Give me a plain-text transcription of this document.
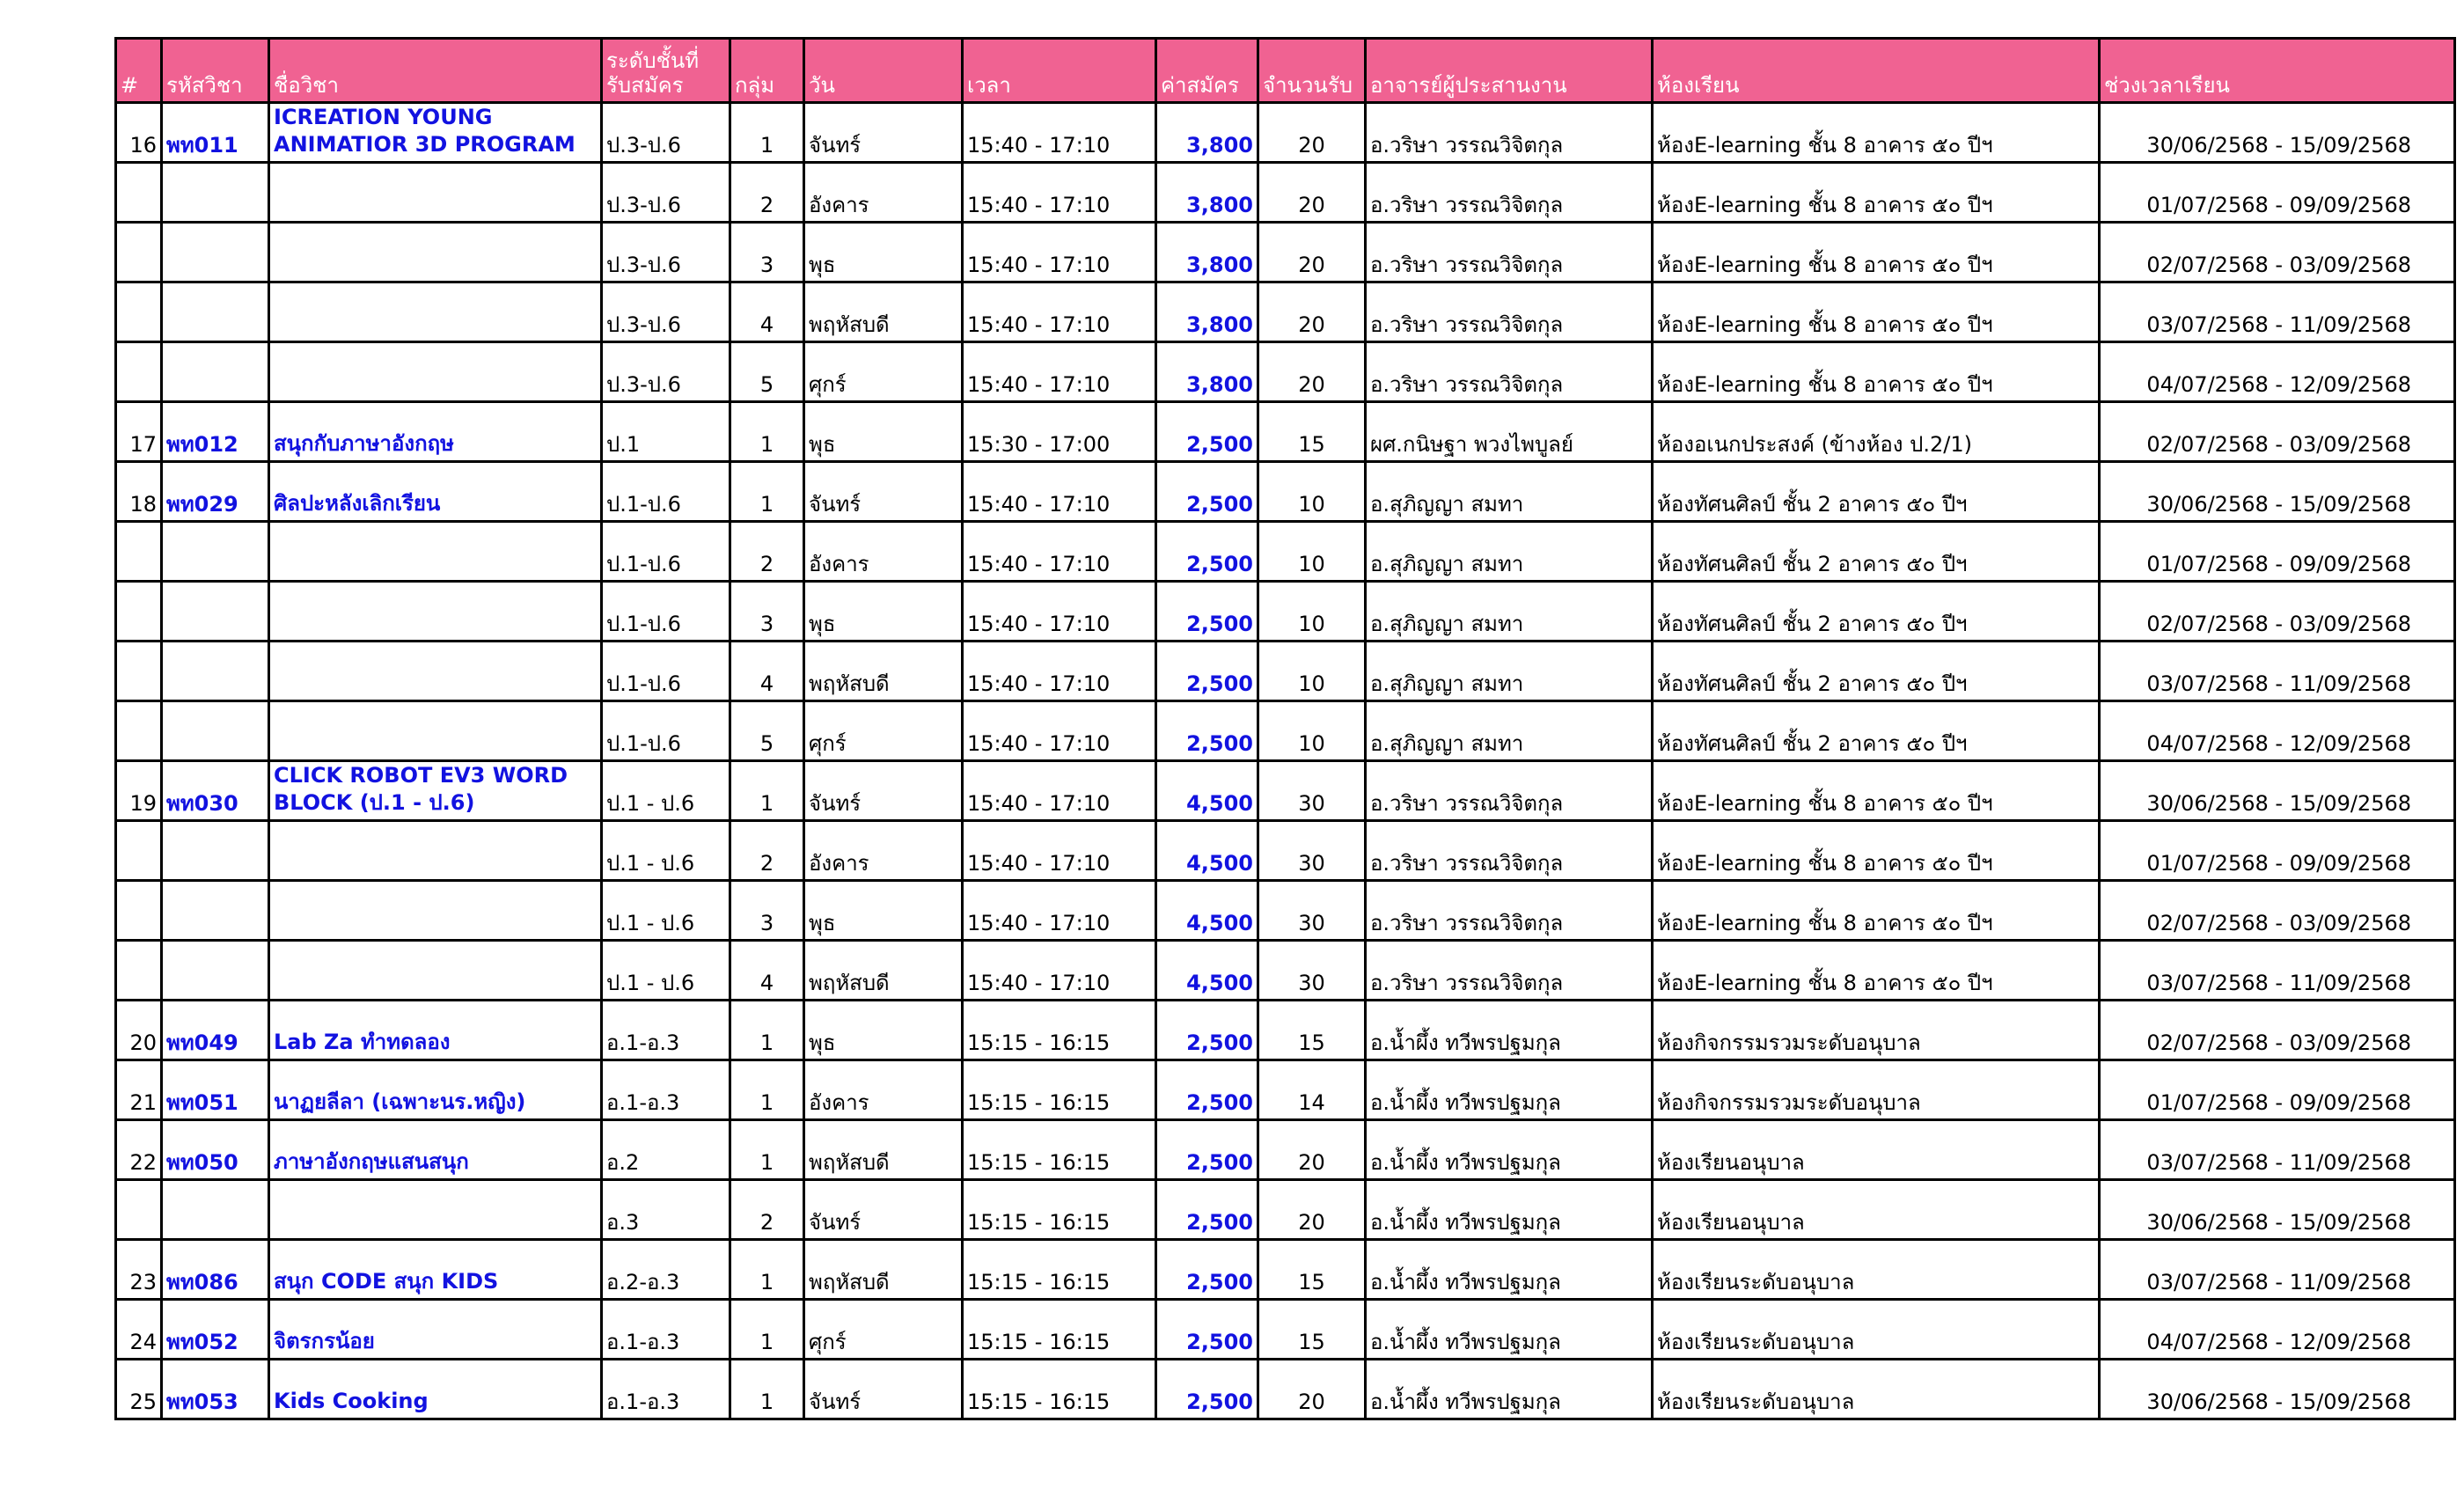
#	รหัสวิชา	ชื่อวิชา	ระดับชั้นที่ รับสมัคร	กลุ่ม	วัน	เวลา	ค่าสมัคร	จำนวนรับ	อาจารย์ผู้ประสานงาน	ห้องเรียน	ช่วงเวลาเรียน
16	พท011	ICREATION YOUNG ANIMATIOR 3D PROGRAM	ป.3-ป.6	1	จันทร์	15:40 - 17:10	3,800	20	อ.วริษา วรรณวิจิตกุล	ห้องE-learning ชั้น 8 อาคาร ๕๐ ปีฯ	30/06/2568 - 15/09/2568
			ป.3-ป.6	2	อังคาร	15:40 - 17:10	3,800	20	อ.วริษา วรรณวิจิตกุล	ห้องE-learning ชั้น 8 อาคาร ๕๐ ปีฯ	01/07/2568 - 09/09/2568
			ป.3-ป.6	3	พุธ	15:40 - 17:10	3,800	20	อ.วริษา วรรณวิจิตกุล	ห้องE-learning ชั้น 8 อาคาร ๕๐ ปีฯ	02/07/2568 - 03/09/2568
			ป.3-ป.6	4	พฤหัสบดี	15:40 - 17:10	3,800	20	อ.วริษา วรรณวิจิตกุล	ห้องE-learning ชั้น 8 อาคาร ๕๐ ปีฯ	03/07/2568 - 11/09/2568
			ป.3-ป.6	5	ศุกร์	15:40 - 17:10	3,800	20	อ.วริษา วรรณวิจิตกุล	ห้องE-learning ชั้น 8 อาคาร ๕๐ ปีฯ	04/07/2568 - 12/09/2568
17	พท012	สนุกกับภาษาอังกฤษ	ป.1	1	พุธ	15:30 - 17:00	2,500	15	ผศ.กนิษฐา พวงไพบูลย์	ห้องอเนกประสงค์ (ข้างห้อง ป.2/1)	02/07/2568 - 03/09/2568
18	พท029	ศิลปะหลังเลิกเรียน	ป.1-ป.6	1	จันทร์	15:40 - 17:10	2,500	10	อ.สุภิญญา สมทา	ห้องทัศนศิลป์ ชั้น 2 อาคาร ๕๐ ปีฯ	30/06/2568 - 15/09/2568
			ป.1-ป.6	2	อังคาร	15:40 - 17:10	2,500	10	อ.สุภิญญา สมทา	ห้องทัศนศิลป์ ชั้น 2 อาคาร ๕๐ ปีฯ	01/07/2568 - 09/09/2568
			ป.1-ป.6	3	พุธ	15:40 - 17:10	2,500	10	อ.สุภิญญา สมทา	ห้องทัศนศิลป์ ชั้น 2 อาคาร ๕๐ ปีฯ	02/07/2568 - 03/09/2568
			ป.1-ป.6	4	พฤหัสบดี	15:40 - 17:10	2,500	10	อ.สุภิญญา สมทา	ห้องทัศนศิลป์ ชั้น 2 อาคาร ๕๐ ปีฯ	03/07/2568 - 11/09/2568
			ป.1-ป.6	5	ศุกร์	15:40 - 17:10	2,500	10	อ.สุภิญญา สมทา	ห้องทัศนศิลป์ ชั้น 2 อาคาร ๕๐ ปีฯ	04/07/2568 - 12/09/2568
19	พท030	CLICK ROBOT EV3 WORD BLOCK (ป.1 - ป.6)	ป.1 - ป.6	1	จันทร์	15:40 - 17:10	4,500	30	อ.วริษา วรรณวิจิตกุล	ห้องE-learning ชั้น 8 อาคาร ๕๐ ปีฯ	30/06/2568 - 15/09/2568
			ป.1 - ป.6	2	อังคาร	15:40 - 17:10	4,500	30	อ.วริษา วรรณวิจิตกุล	ห้องE-learning ชั้น 8 อาคาร ๕๐ ปีฯ	01/07/2568 - 09/09/2568
			ป.1 - ป.6	3	พุธ	15:40 - 17:10	4,500	30	อ.วริษา วรรณวิจิตกุล	ห้องE-learning ชั้น 8 อาคาร ๕๐ ปีฯ	02/07/2568 - 03/09/2568
			ป.1 - ป.6	4	พฤหัสบดี	15:40 - 17:10	4,500	30	อ.วริษา วรรณวิจิตกุล	ห้องE-learning ชั้น 8 อาคาร ๕๐ ปีฯ	03/07/2568 - 11/09/2568
20	พท049	Lab Za ทำทดลอง	อ.1-อ.3	1	พุธ	15:15 - 16:15	2,500	15	อ.น้ำผึ้ง ทวีพรปฐมกุล	ห้องกิจกรรมรวมระดับอนุบาล	02/07/2568 - 03/09/2568
21	พท051	นาฏยลีลา (เฉพาะนร.หญิง)	อ.1-อ.3	1	อังคาร	15:15 - 16:15	2,500	14	อ.น้ำผึ้ง ทวีพรปฐมกุล	ห้องกิจกรรมรวมระดับอนุบาล	01/07/2568 - 09/09/2568
22	พท050	ภาษาอังกฤษแสนสนุก	อ.2	1	พฤหัสบดี	15:15 - 16:15	2,500	20	อ.น้ำผึ้ง ทวีพรปฐมกุล	ห้องเรียนอนุบาล	03/07/2568 - 11/09/2568
			อ.3	2	จันทร์	15:15 - 16:15	2,500	20	อ.น้ำผึ้ง ทวีพรปฐมกุล	ห้องเรียนอนุบาล	30/06/2568 - 15/09/2568
23	พท086	สนุก CODE สนุก KIDS	อ.2-อ.3	1	พฤหัสบดี	15:15 - 16:15	2,500	15	อ.น้ำผึ้ง ทวีพรปฐมกุล	ห้องเรียนระดับอนุบาล	03/07/2568 - 11/09/2568
24	พท052	จิตรกรน้อย	อ.1-อ.3	1	ศุกร์	15:15 - 16:15	2,500	15	อ.น้ำผึ้ง ทวีพรปฐมกุล	ห้องเรียนระดับอนุบาล	04/07/2568 - 12/09/2568
25	พท053	Kids Cooking	อ.1-อ.3	1	จันทร์	15:15 - 16:15	2,500	20	อ.น้ำผึ้ง ทวีพรปฐมกุล	ห้องเรียนระดับอนุบาล	30/06/2568 - 15/09/2568
